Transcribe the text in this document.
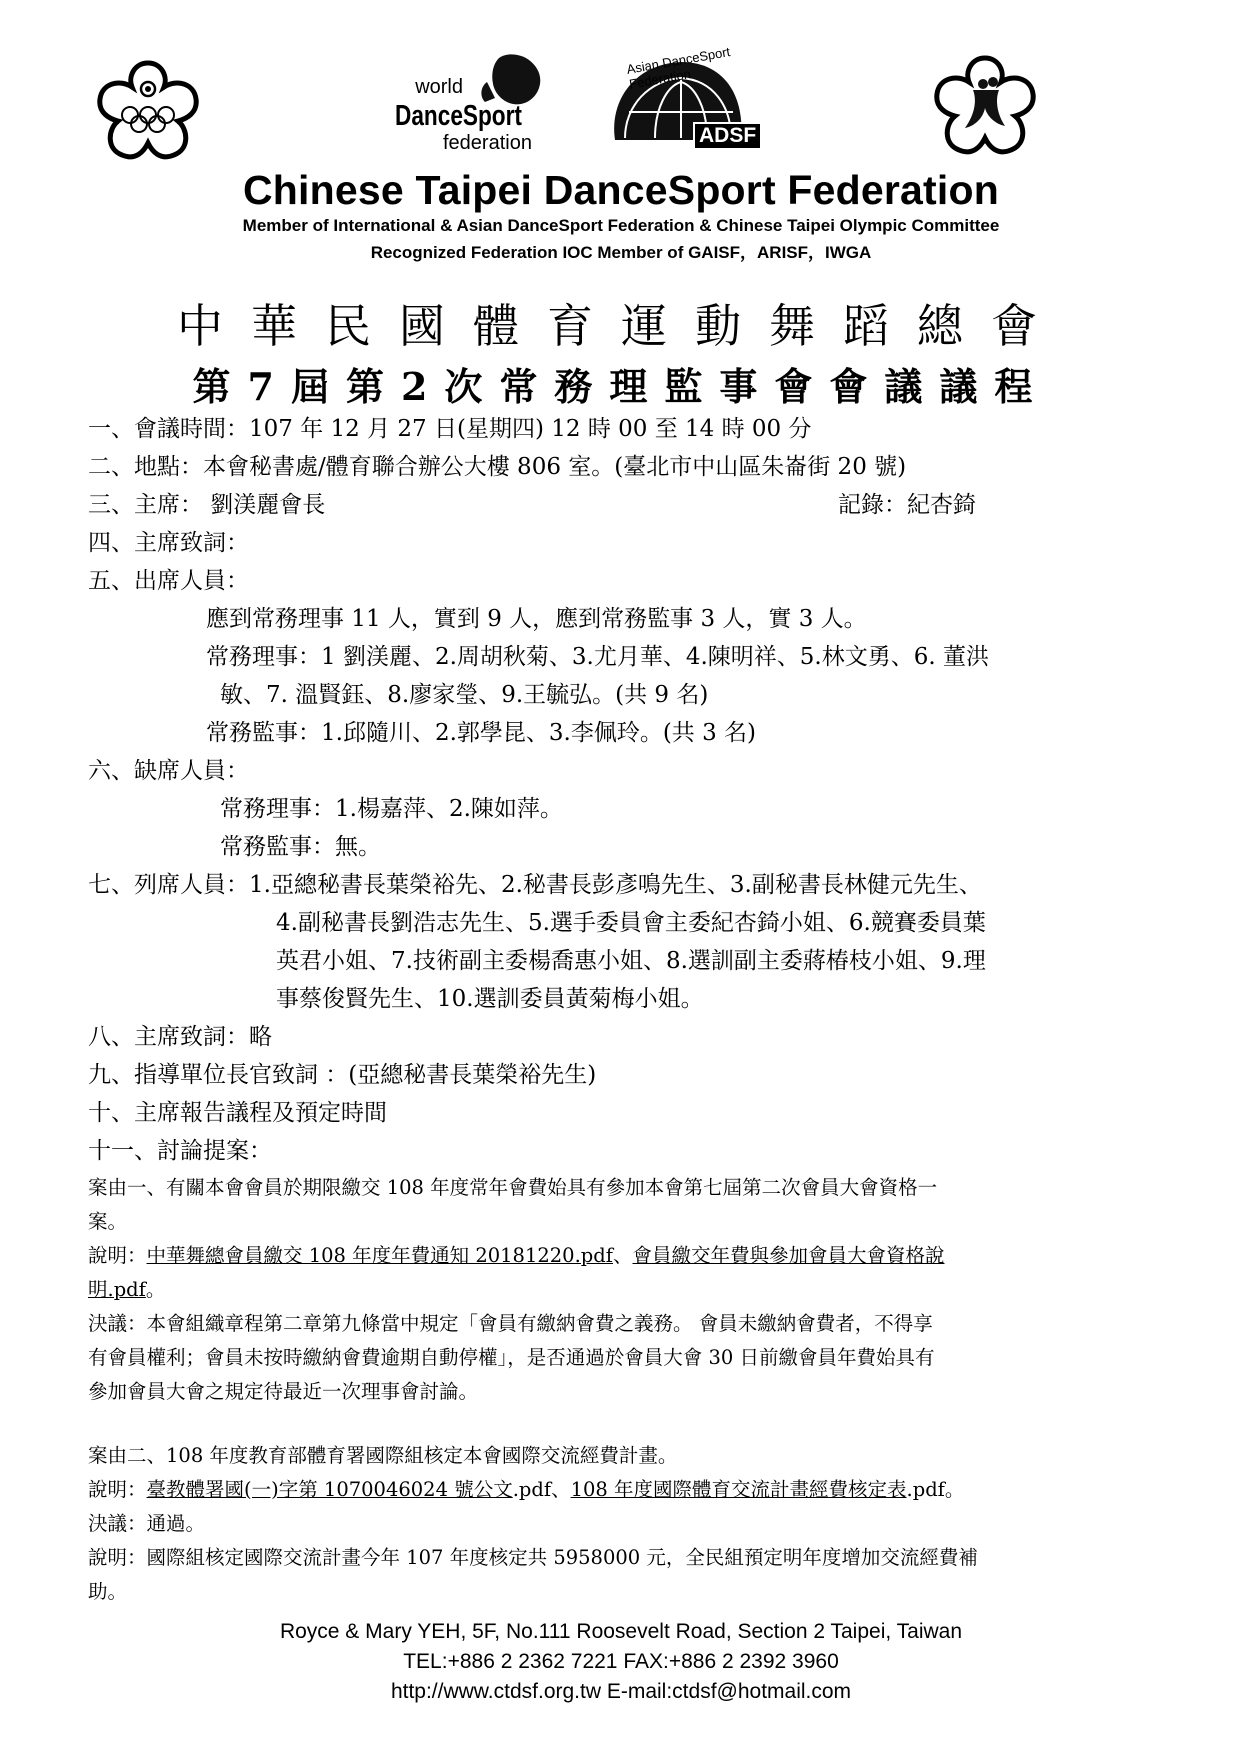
world
DanceSport
federation
Asian DanceSport Federation
ADSF
Chinese Taipei DanceSport Federation
Member of International & Asian DanceSport Federation & Chinese Taipei Olympic Committee
Recognized Federation IOC Member of GAISF，ARISF，IWGA
中華民國體育運動舞蹈總會
第7屆第2次常務理監事會會議議程
一、會議時間：107 年 12 月 27 日(星期四) 12 時 00 至 14 時 00 分
二、地點：本會秘書處/體育聯合辦公大樓 806 室。(臺北市中山區朱崙街 20 號)
三、主席： 劉渼麗會長	記錄：紀杏錡
四、主席致詞：
五、出席人員：
應到常務理事 11 人，實到 9 人，應到常務監事 3 人，實 3 人。
常務理事：1 劉渼麗、2.周胡秋菊、3.尤月華、4.陳明祥、5.林文勇、6. 董洪
敏、7. 溫賢鈺、8.廖家瑩、9.王毓弘。(共 9 名)
常務監事：1.邱隨川、2.郭學昆、3.李佩玲。(共 3 名)
六、缺席人員：
常務理事：1.楊嘉萍、2.陳如萍。
常務監事：無。
七、列席人員：1.亞總秘書長葉榮裕先、2.秘書長彭彥鳴先生、3.副秘書長林健元先生、
4.副秘書長劉浩志先生、5.選手委員會主委紀杏錡小姐、6.競賽委員葉
英君小姐、7.技術副主委楊喬惠小姐、8.選訓副主委蔣椿枝小姐、9.理
事蔡俊賢先生、10.選訓委員黃菊梅小姐。
八、主席致詞：略
九、指導單位長官致詞 ：(亞總秘書長葉榮裕先生)
十、主席報告議程及預定時間
十一、討論提案：
案由一、有關本會會員於期限繳交 108 年度常年會費始具有參加本會第七屆第二次會員大會資格一
案。
說明：中華舞總會員繳交 108 年度年費通知 20181220.pdf、會員繳交年費與參加會員大會資格說
明.pdf。
決議：本會組織章程第二章第九條當中規定「會員有繳納會費之義務。 會員未繳納會費者，不得享
有會員權利；會員未按時繳納會費逾期自動停權」，是否通過於會員大會 30 日前繳會員年費始具有
參加會員大會之規定待最近一次理事會討論。
案由二、108 年度教育部體育署國際組核定本會國際交流經費計畫。
說明：臺教體署國(一)字第 1070046024 號公文.pdf、108 年度國際體育交流計畫經費核定表.pdf。
決議：通過。
說明：國際組核定國際交流計畫今年 107 年度核定共 5958000 元，全民組預定明年度增加交流經費補
助。
Royce & Mary YEH, 5F, No.111 Roosevelt Road, Section 2 Taipei, Taiwan
TEL:+886 2 2362 7221 FAX:+886 2 2392 3960
http://www.ctdsf.org.tw E-mail:ctdsf@hotmail.com
